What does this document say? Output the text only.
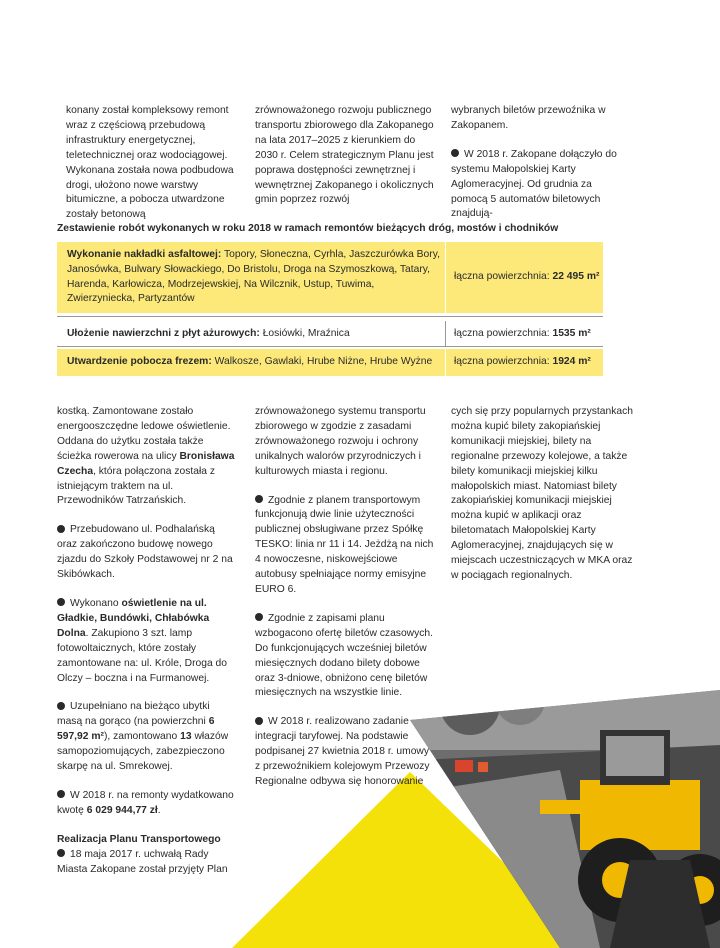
konany został kompleksowy remont wraz z częściową przebudową infrastruktury energetycznej, teletechnicznej oraz wodociągowej. Wykonana została nowa podbudowa drogi, ułożono nowe warstwy bitumiczne, a pobocza utwardzone zostały betonową

zrównoważonego rozwoju publicznego transportu zbiorowego dla Zakopanego na lata 2017–2025 z kierunkiem do 2030 r. Celem strategicznym Planu jest poprawa dostępności zewnętrznej i wewnętrznej Zakopanego i okolicznych gmin poprzez rozwój

wybranych biletów przewoźnika w Zakopanem.

W 2018 r. Zakopane dołączyło do systemu Małopolskiej Karty Aglomeracyjnej. Od grudnia za pomocą 5 automatów biletowych znajdują-

Zestawienie robót wykonanych w roku 2018 w ramach remontów bieżących dróg, mostów i chodników
Wykonanie nakładki asfaltowej: Topory, Słoneczna, Cyrhla, Jaszczurówka Bory, Janosówka, Bulwary Słowackiego, Do Bristolu, Droga na Szymoszkową, Tatary, Harenda, Karłowicza, Modrzejewskiej, Na Wilcznik, Ustup, Tuwima, Zwierzyniecka, Partyzantów
łączna powierzchnia: 22 495 m²
Ułożenie nawierzchni z płyt ażurowych: Łosiówki, Mraźnica	łączna powierzchnia: 1535 m²
Utwardzenie pobocza frezem: Walkosze, Gawlaki, Hrube Niżne, Hrube Wyżne łączna powierzchnia: 1924 m²

kostką. Zamontowane zostało energooszczędne ledowe oświetlenie. Oddana do użytku została także ścieżka rowerowa na ulicy Bronisława Czecha, która połączona została z istniejącym traktem na ul. Przewodników Tatrzańskich.

Przebudowano ul. Podhalańską oraz zakończono budowę nowego zjazdu do Szkoły Podstawowej nr 2 na Skibówkach.

Wykonano oświetlenie na ul. Gładkie, Bundówki, Chłabówka Dolna. Zakupiono 3 szt. lamp fotowoltaicznych, które zostały zamontowane na: ul. Króle, Droga do Olczy – boczna i na Furmanowej.

Uzupełniano na bieżąco ubytki masą na gorąco (na powierzchni 6 597,92 m²), zamontowano 13 włazów samopoziomujących, zabezpieczono skarpę na ul. Smrekowej.

W 2018 r. na remonty wydatkowano kwotę 6 029 944,77 zł.

Realizacja Planu Transportowego

18 maja 2017 r. uchwałą Rady Miasta Zakopane został przyjęty Plan

zrównoważonego systemu transportu zbiorowego w zgodzie z zasadami zrównoważonego rozwoju i ochrony unikalnych walorów przyrodniczych i kulturowych miasta i regionu.

Zgodnie z planem transportowym funkcjonują dwie linie użyteczności publicznej obsługiwane przez Spółkę TESKO: linia nr 11 i 14. Jeżdżą na nich 4 nowoczesne, niskowejściowe autobusy spełniające normy emisyjne EURO 6.

Zgodnie z zapisami planu wzbogacono ofertę biletów czasowych. Do funkcjonujących wcześniej biletów miesięcznych dodano bilety dobowe oraz 3-dniowe, obniżono cenę biletów miesięcznych na wszystkie linie.

W 2018 r. realizowano zadanie integracji taryfowej. Na podstawie podpisanej 27 kwietnia 2018 r. umowy z przewoźnikiem kolejowym Przewozy Regionalne odbywa się honorowanie

cych się przy popularnych przystankach można kupić bilety zakopiańskiej komunikacji miejskiej, bilety na regionalne przewozy kolejowe, a także bilety komunikacji miejskiej kilku małopolskich miast. Natomiast bilety zakopiańskiej komunikacji miejskiej można kupić w aplikacji oraz biletomatach Małopolskiej Karty Aglomeracyjnej, znajdujących się w miejscach uczestniczących w MKA oraz w pociągach regionalnych.
